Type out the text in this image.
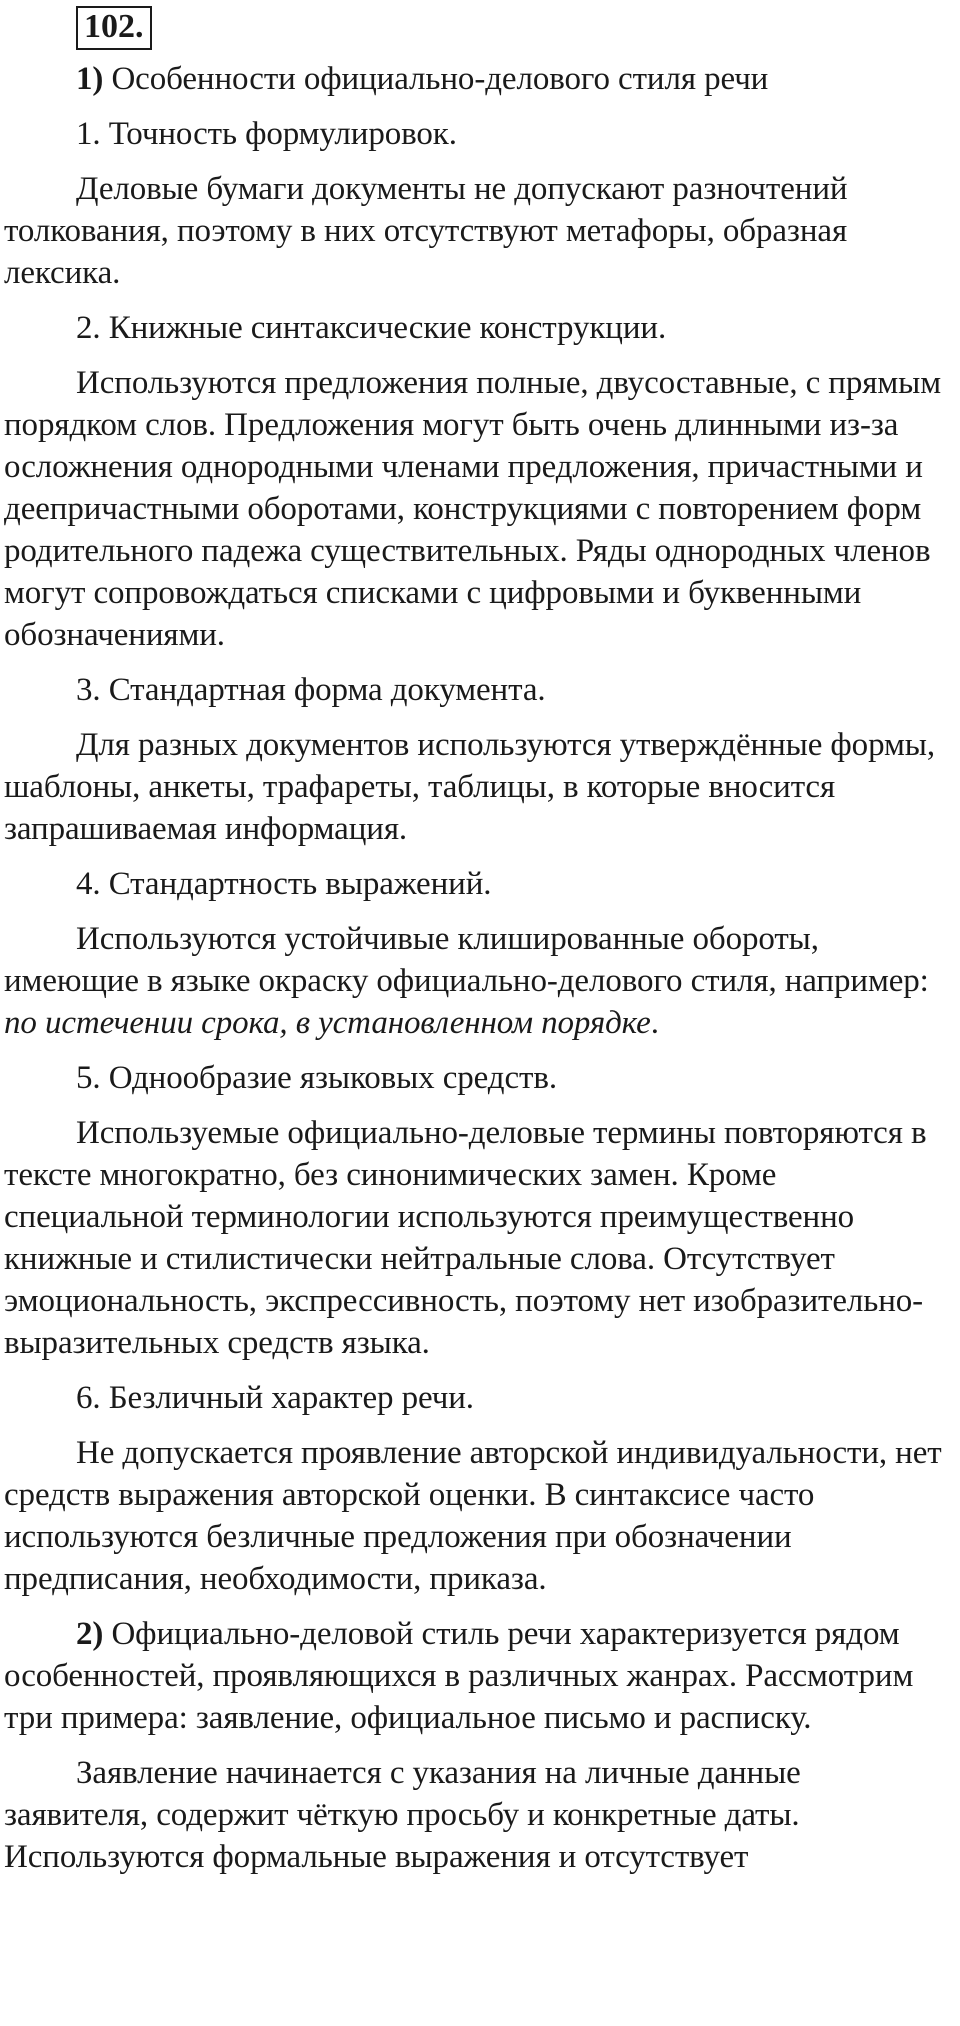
102.

1) Особенности официально-делового стиля речи

1. Точность формулировок.

Деловые бумаги документы не допускают разночтений толкования, поэтому в них отсутствуют метафоры, образная лексика.

2. Книжные синтаксические конструкции.

Используются предложения полные, двусоставные, с прямым порядком слов. Предложения могут быть очень длинными из-за осложнения однородными членами предложения, причастными и деепричастными оборотами, конструкциями с повторением форм родительного падежа существительных. Ряды однородных членов могут сопровождаться списками с цифровыми и буквенными обозначениями.

3. Стандартная форма документа.

Для разных документов используются утверждённые формы, шаблоны, анкеты, трафареты, таблицы, в которые вносится запрашиваемая информация.

4. Стандартность выражений.

Используются устойчивые клишированные обороты, имеющие в языке окраску официально-делового стиля, например: по истечении срока, в установленном порядке.

5. Однообразие языковых средств.

Используемые официально-деловые термины повторяются в тексте многократно, без синонимических замен. Кроме специальной терминологии используются преимущественно книжные и стилистически нейтральные слова. Отсутствует эмоциональность, экспрессивность, поэтому нет изобразительно-выразительных средств языка.

6. Безличный характер речи.

Не допускается проявление авторской индивидуальности, нет средств выражения авторской оценки. В синтаксисе часто используются безличные предложения при обозначении предписания, необходимости, приказа.

2) Официально-деловой стиль речи характеризуется рядом особенностей, проявляющихся в различных жанрах. Рассмотрим три примера: заявление, официальное письмо и расписку.

Заявление начинается с указания на личные данные заявителя, содержит чёткую просьбу и конкретные даты. Используются формальные выражения и отсутствует
